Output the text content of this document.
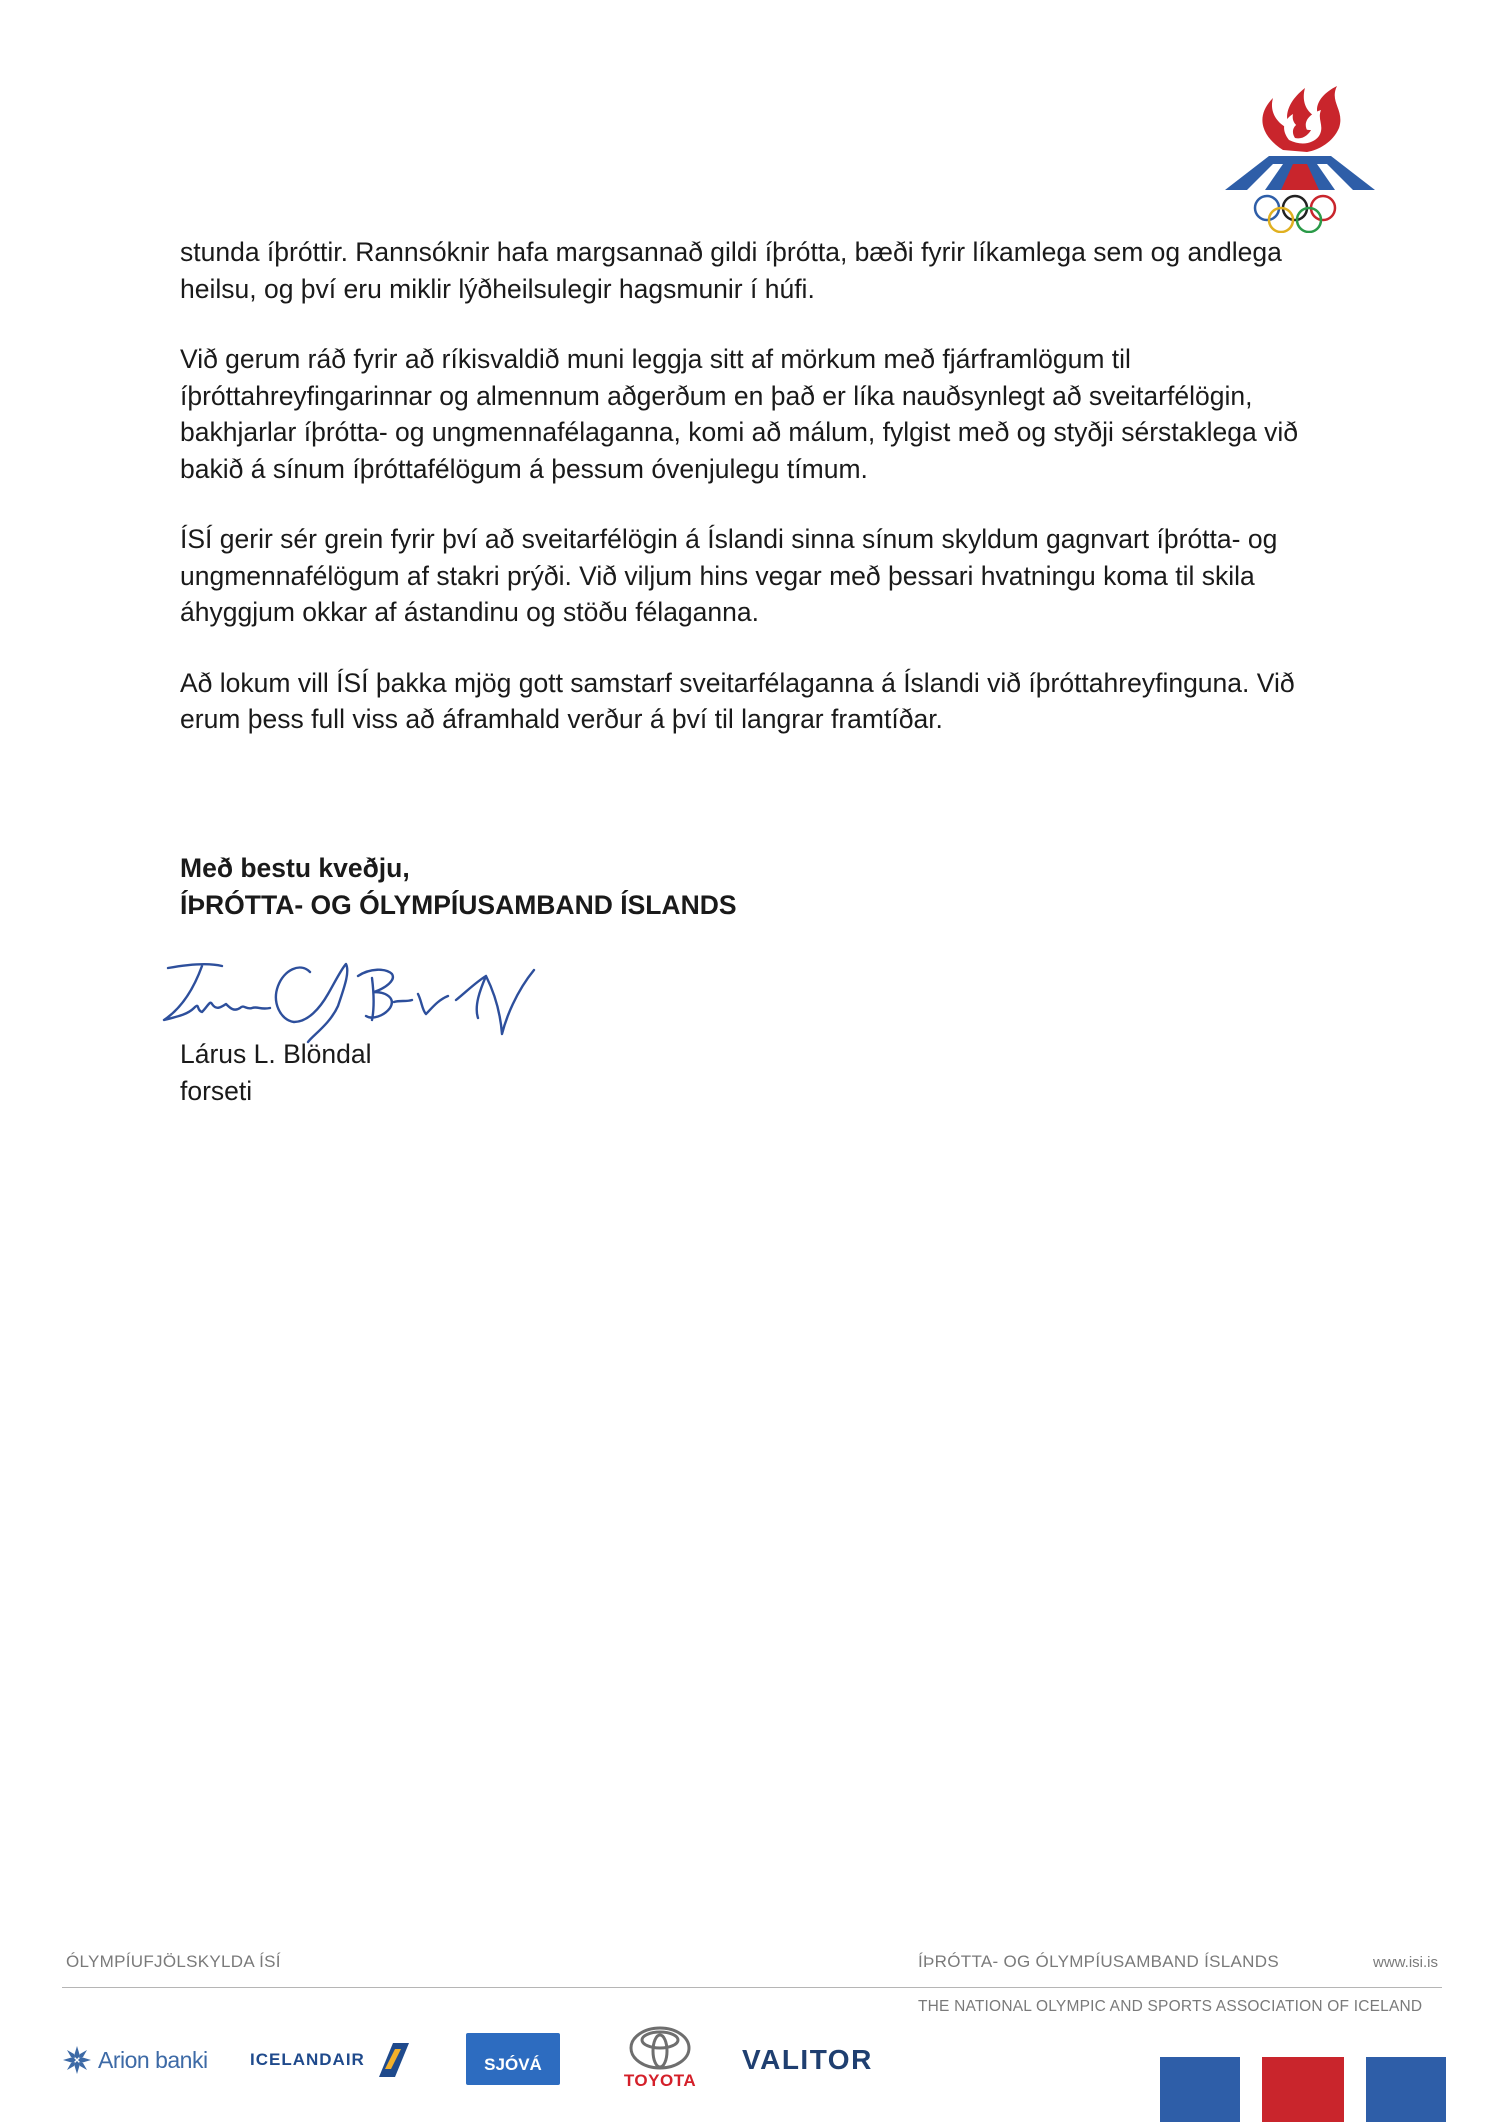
stunda íþróttir. Rannsóknir hafa margsannað gildi íþrótta, bæði fyrir líkamlega sem og andlega heilsu, og því eru miklir lýðheilsulegir hagsmunir í húfi.

Við gerum ráð fyrir að ríkisvaldið muni leggja sitt af mörkum með fjárframlögum til íþróttahreyfingarinnar og almennum aðgerðum en það er líka nauðsynlegt að sveitarfélögin, bakhjarlar íþrótta- og ungmennafélaganna, komi að málum, fylgist með og styðji sérstaklega við bakið á sínum íþróttafélögum á þessum óvenjulegu tímum.

ÍSÍ gerir sér grein fyrir því að sveitarfélögin á Íslandi sinna sínum skyldum gagnvart íþrótta- og ungmennafélögum af stakri prýði. Við viljum hins vegar með þessari hvatningu koma til skila áhyggjum okkar af ástandinu og stöðu félaganna.

Að lokum vill ÍSÍ þakka mjög gott samstarf sveitarfélaganna á Íslandi við íþróttahreyfinguna. Við erum þess full viss að áframhald verður á því til langrar framtíðar.

Með bestu kveðju,
ÍÞRÓTTA- OG ÓLYMPÍUSAMBAND ÍSLANDS
Lárus L. Blöndal
forseti
ÓLYMPÍUFJÖLSKYLDA ÍSÍ	ÍÞRÓTTA- OG ÓLYMPÍUSAMBAND ÍSLANDS	www.isi.is
THE NATIONAL OLYMPIC AND SPORTS ASSOCIATION OF ICELAND
Arion banki ICELANDAIR	SJÓVÁ
TOYOTA
VALITOR
